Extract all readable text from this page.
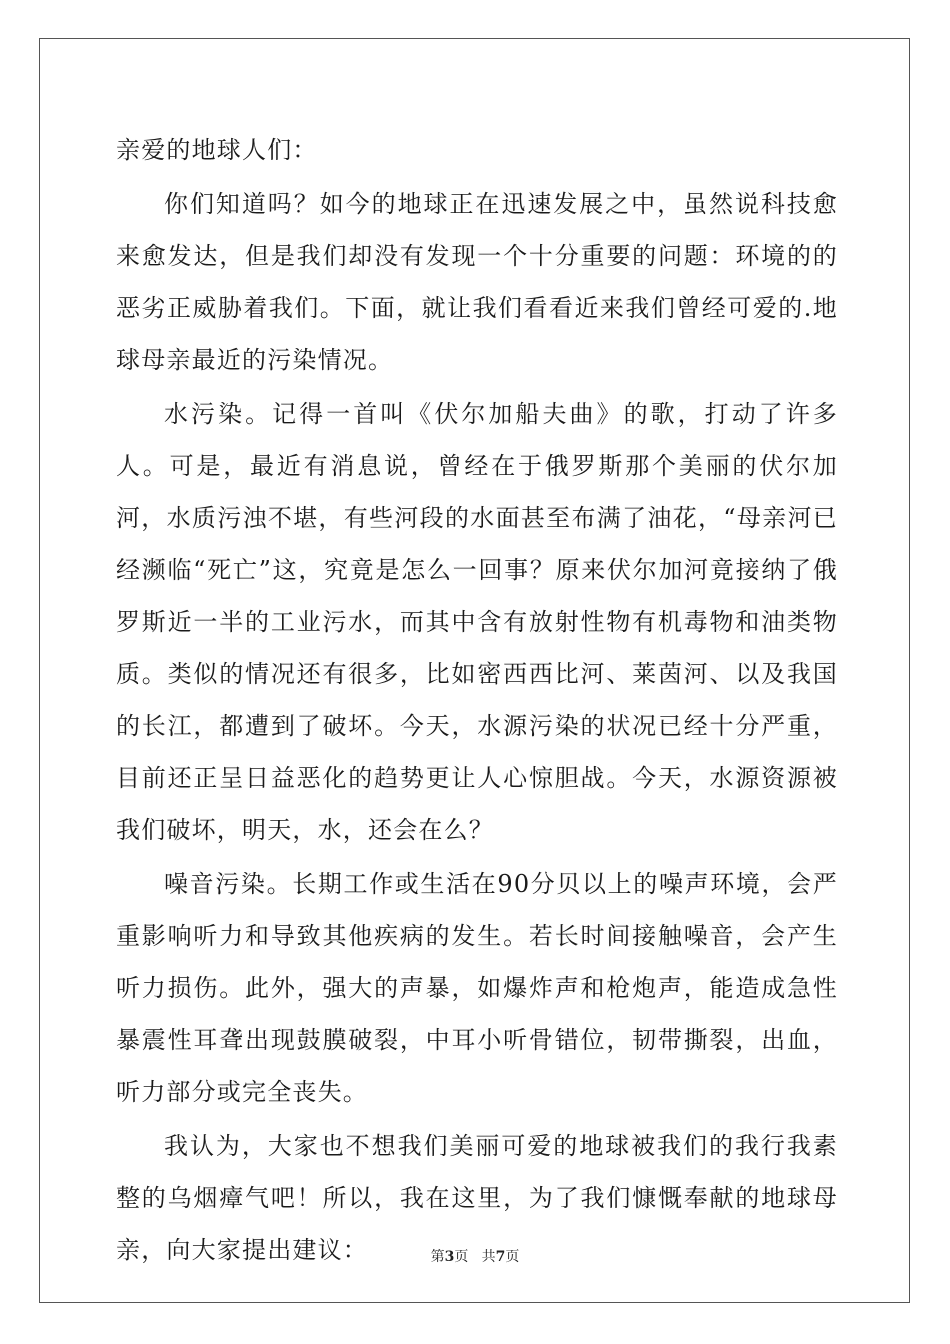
亲爱的地球人们：

你们知道吗？如今的地球正在迅速发展之中，虽然说科技愈来愈发达，但是我们却没有发现一个十分重要的问题：环境的的恶劣正威胁着我们。下面，就让我们看看近来我们曾经可爱的.地球母亲最近的污染情况。

水污染。记得一首叫《伏尔加船夫曲》的歌，打动了许多人。可是，最近有消息说，曾经在于俄罗斯那个美丽的伏尔加河，水质污浊不堪，有些河段的水面甚至布满了油花，“母亲河已经濒临“死亡”这，究竟是怎么一回事？原来伏尔加河竟接纳了俄罗斯近一半的工业污水，而其中含有放射性物有机毒物和油类物质。类似的情况还有很多，比如密西西比河、莱茵河、以及我国的长江，都遭到了破坏。今天，水源污染的状况已经十分严重，目前还正呈日益恶化的趋势更让人心惊胆战。今天，水源资源被我们破坏，明天，水，还会在么？

噪音污染。长期工作或生活在90分贝以上的噪声环境，会严重影响听力和导致其他疾病的发生。若长时间接触噪音，会产生听力损伤。此外，强大的声暴，如爆炸声和枪炮声，能造成急性暴震性耳聋出现鼓膜破裂，中耳小听骨错位，韧带撕裂，出血，听力部分或完全丧失。

我认为，大家也不想我们美丽可爱的地球被我们的我行我素整的乌烟瘴气吧！所以，我在这里，为了我们慷慨奉献的地球母亲，向大家提出建议：	第3页   共7页
